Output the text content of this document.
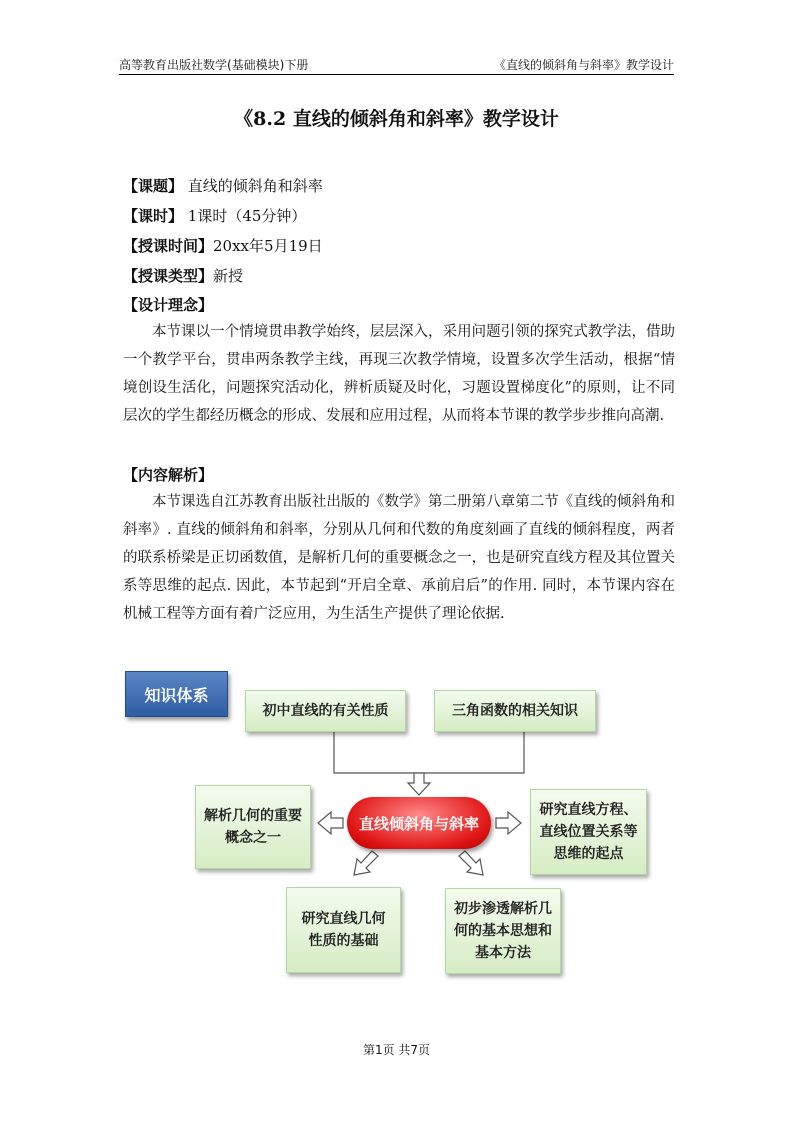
高等教育出版社数学(基础模块)下册	《直线的倾斜角与斜率》教学设计
《8.2 直线的倾斜角和斜率》教学设计
【课题】 直线的倾斜角和斜率
【课时】 1课时（45分钟）
【授课时间】20xx年5月19日
【授课类型】新授
【设计理念】
本节课以一个情境贯串教学始终，层层深入，采用问题引领的探究式教学法，借助一个教学平台，贯串两条教学主线，再现三次教学情境，设置多次学生活动，根据“情境创设生活化，问题探究活动化，辨析质疑及时化，习题设置梯度化”的原则，让不同层次的学生都经历概念的形成、发展和应用过程，从而将本节课的教学步步推向高潮.
【内容解析】
本节课选自江苏教育出版社出版的《数学》第二册第八章第二节《直线的倾斜角和斜率》. 直线的倾斜角和斜率，分别从几何和代数的角度刻画了直线的倾斜程度，两者的联系桥梁是正切函数值，是解析几何的重要概念之一，也是研究直线方程及其位置关系等思维的起点. 因此，本节起到“开启全章、承前启后”的作用. 同时，本节课内容在机械工程等方面有着广泛应用，为生活生产提供了理论依据.
知识体系
初中直线的有关性质	三角函数的相关知识
直线倾斜角与斜率
解析几何的重要概念之一
研究直线方程、直线位置关系等思维的起点
研究直线几何性质的基础
初步渗透解析几何的基本思想和基本方法
第1页 共7页
